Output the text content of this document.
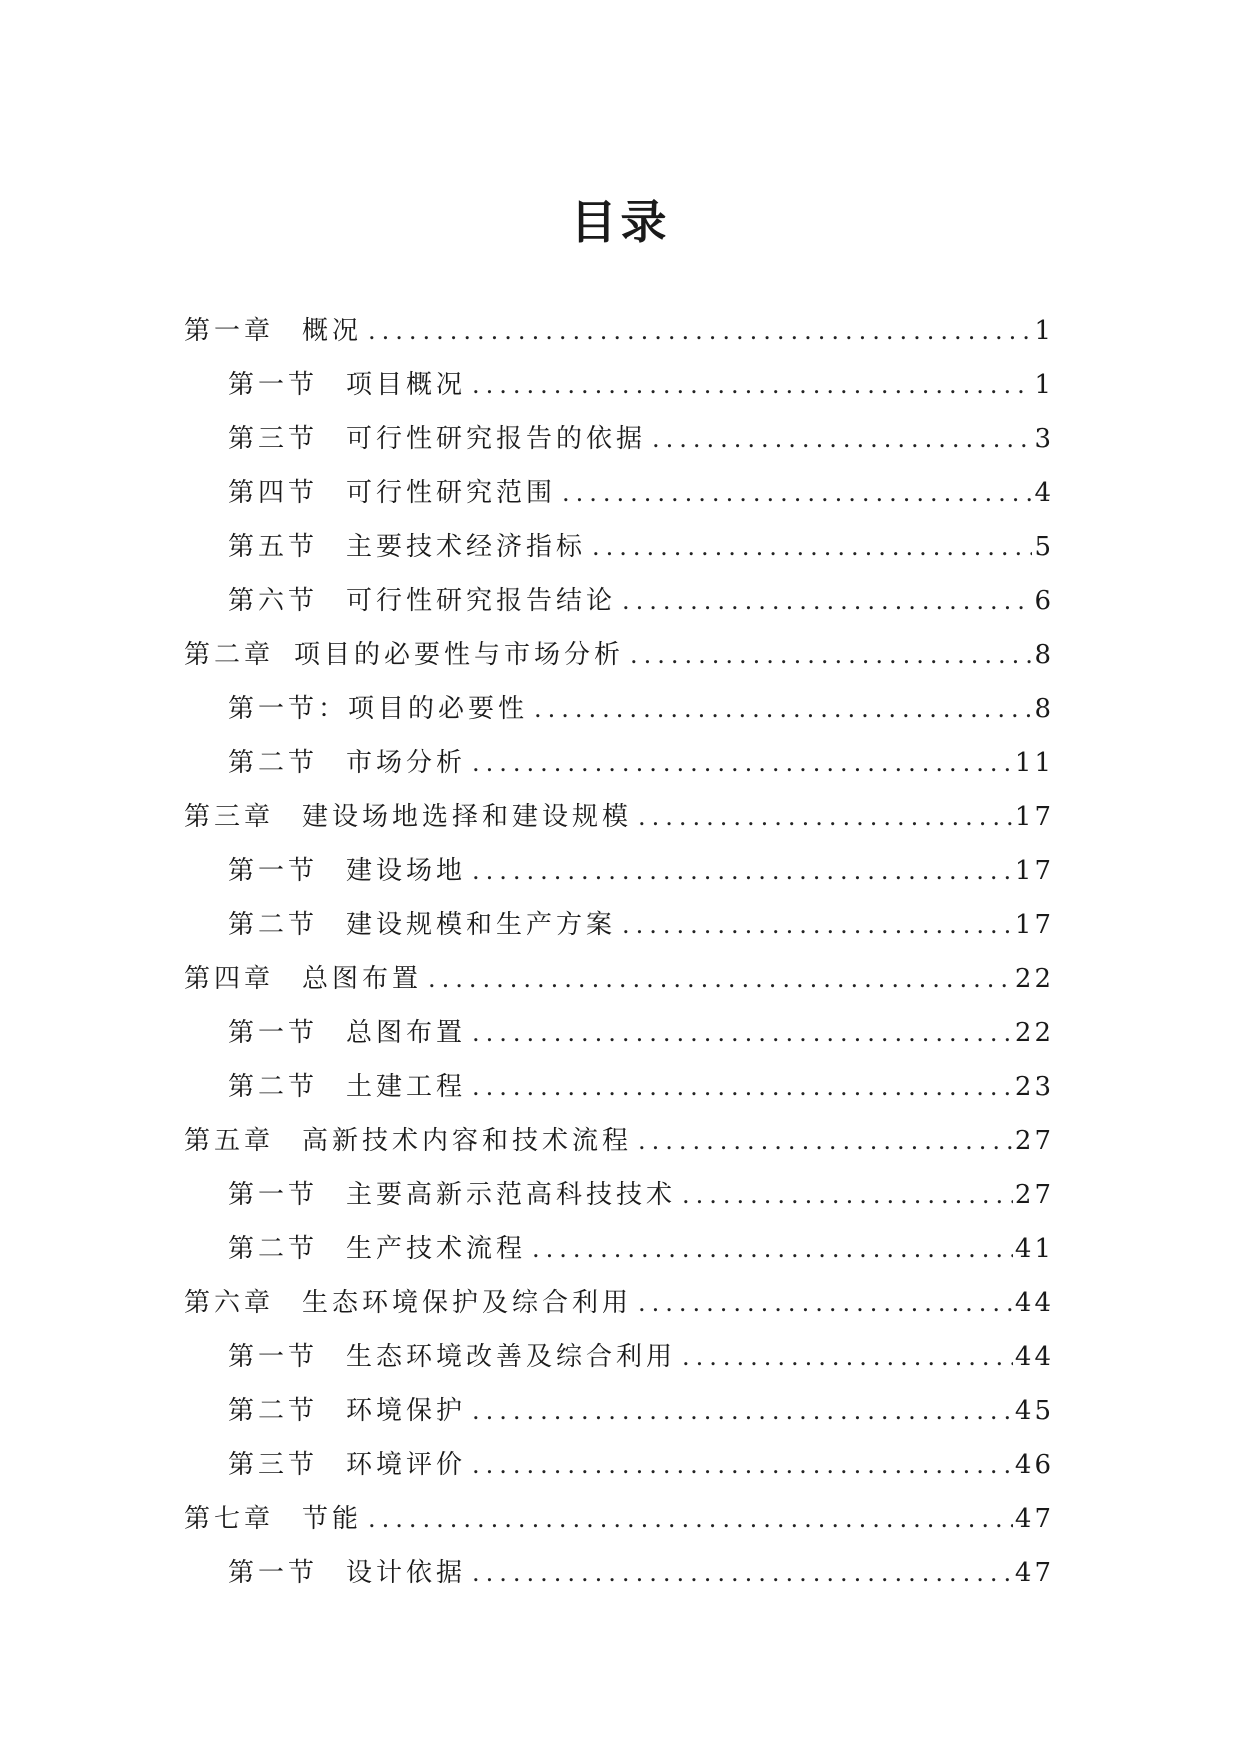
目录
第一章	概况 .....	1
第一节	项目概况 .....	1
第三节	可行性研究报告的依据 .....	3
第四节	可行性研究范围 .....	4
第五节	主要技术经济指标 .....	5
第六节	可行性研究报告结论 .....	6
第二章 项目的必要性与市场分析 .....	8
第一节： 项目的必要性 .....	8
第二节	市场分析 .....	11
第三章	建设场地选择和建设规模 .....	17
第一节	建设场地 .....	17
第二节	建设规模和生产方案 .....	17
第四章	总图布置 .....	22
第一节	总图布置 .....	22
第二节	土建工程 .....	23
第五章	高新技术内容和技术流程 .....	27
第一节	主要高新示范高科技技术 .....	27
第二节	生产技术流程 .....	41
第六章	生态环境保护及综合利用 .....	44
第一节	生态环境改善及综合利用 .....	44
第二节	环境保护 .....	45
第三节	环境评价 .....	46
第七章	节能 .....	47
第一节	设计依据 .....	47
